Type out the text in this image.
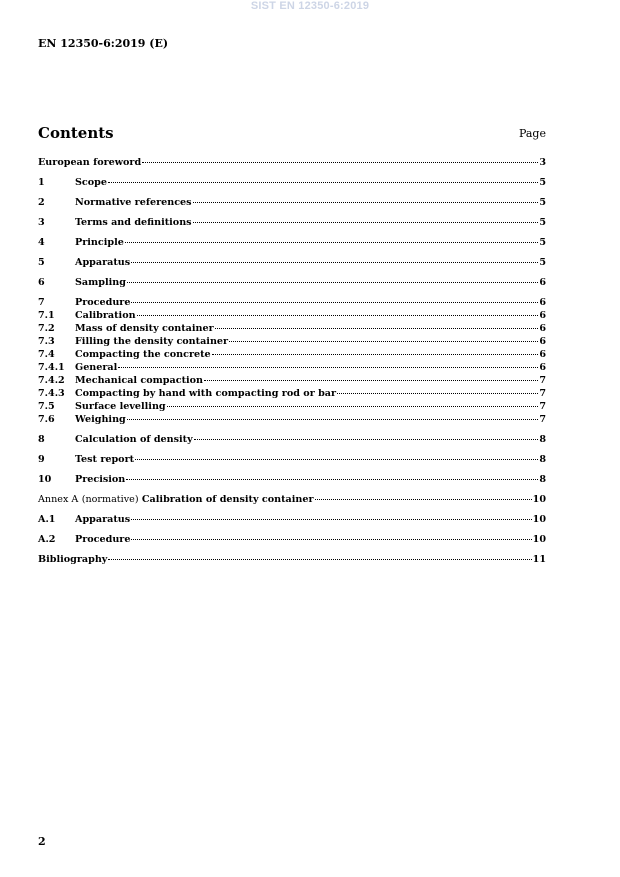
SIST EN 12350-6:2019
EN 12350-6:2019 (E)
Contents	Page
European foreword	3
1	Scope	5
2	Normative references	5
3	Terms and definitions	5
4	Principle	5
5	Apparatus	5
6	Sampling	6
7	Procedure	6
7.1	Calibration	6
7.2	Mass of density container	6
7.3	Filling the density container	6
7.4	Compacting the concrete	6
7.4.1	General	6
7.4.2	Mechanical compaction	7
7.4.3	Compacting by hand with compacting rod or bar	7
7.5	Surface levelling	7
7.6	Weighing	7
8	Calculation of density	8
9	Test report	8
10	Precision	8
Annex A (normative) Calibration of density container	10
A.1	Apparatus	10
A.2	Procedure	10
Bibliography	11
2
